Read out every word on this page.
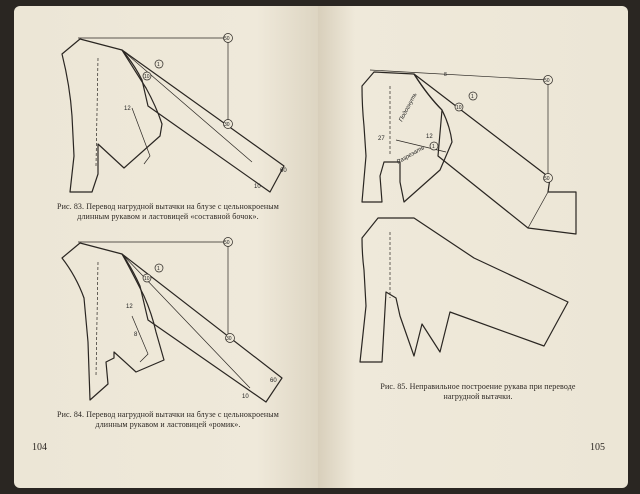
50
1
10
12
30
10
60
50
1
10
12
8
30
10
60
Рис. 83. Перевод нагрудной вытачки на блузе с цельнокроеным
длинным рукавом и ластовицей «составной бочок».
Рис. 84. Перевод нагрудной вытачки на блузе с цельнокроеным
длинным рукавом и ластовицей «ромик».
104
8
50
1
10
12
1
27
50
Подогнуть
Разрезать
Рис. 85. Неправильное построение рукава при переводе
нагрудной вытачки.
105
